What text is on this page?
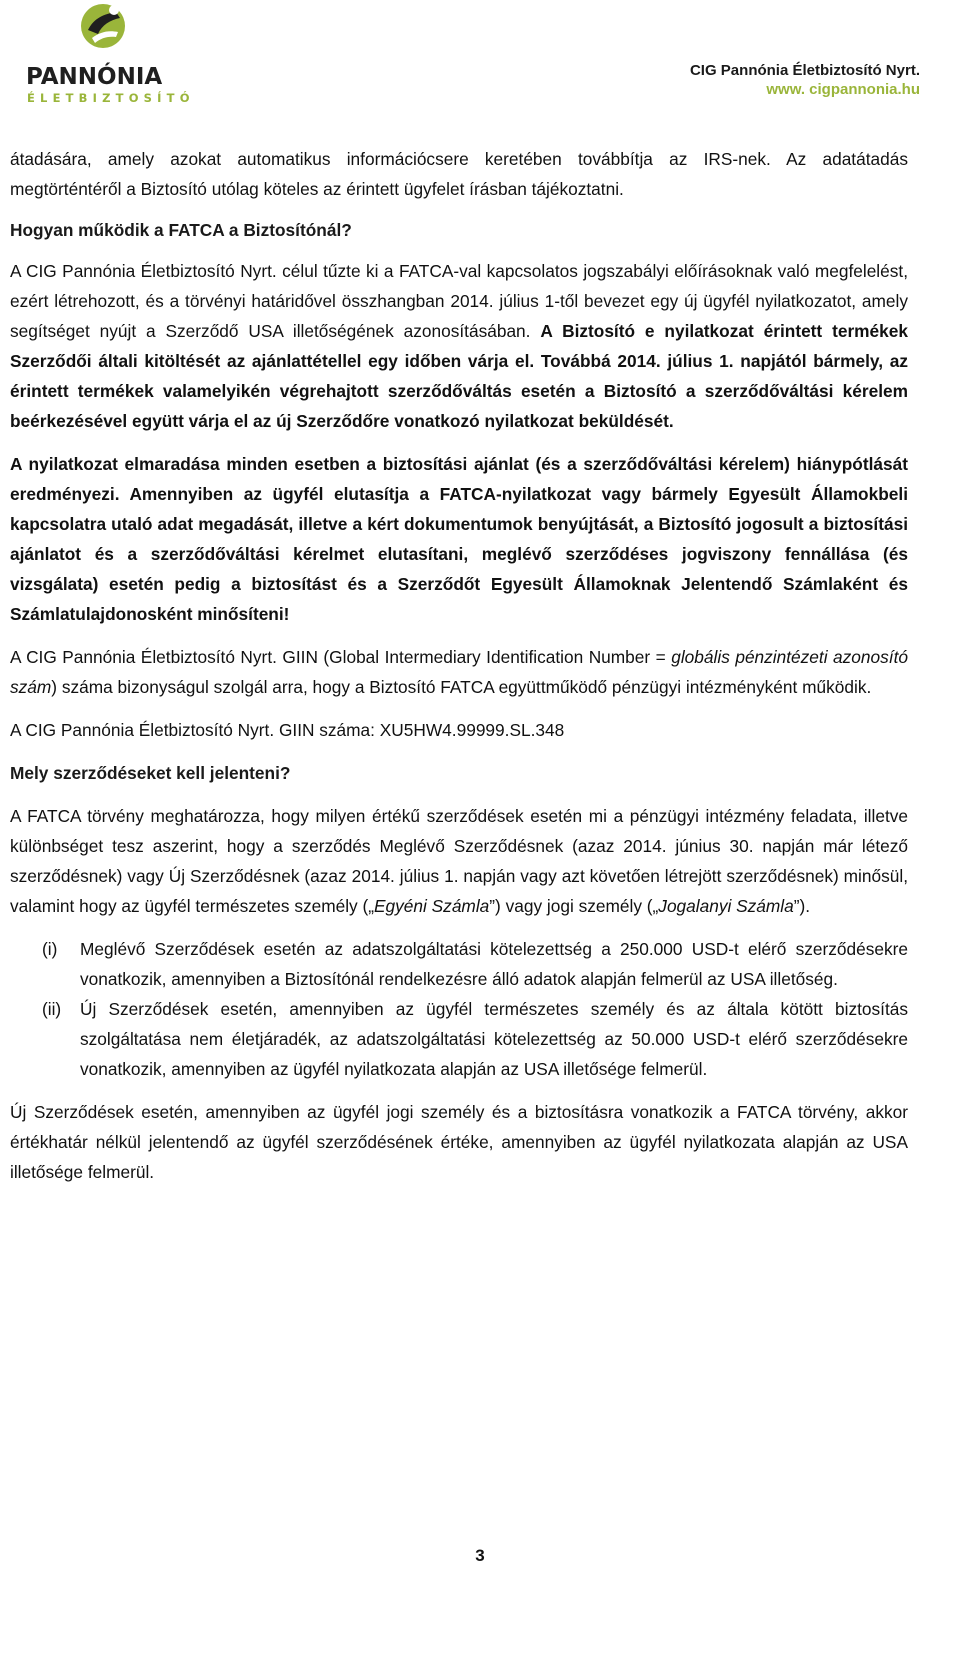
PANNÓNIA
ÉLETBIZTOSÍTÓ
CIG Pannónia Életbiztosító Nyrt.
www. cigpannonia.hu

átadására, amely azokat automatikus információcsere keretében továbbítja az IRS-nek. Az adatátadás megtörténtéről a Biztosító utólag köteles az érintett ügyfelet írásban tájékoztatni.

Hogyan működik a FATCA a Biztosítónál?

A CIG Pannónia Életbiztosító Nyrt. célul tűzte ki a FATCA-val kapcsolatos jogszabályi előírásoknak való megfelelést, ezért létrehozott, és a törvényi határidővel összhangban 2014. július 1-től bevezet egy új ügyfél nyilatkozatot, amely segítséget nyújt a Szerződő USA illetőségének azonosításában. A Biztosító e nyilatkozat érintett termékek Szerződői általi kitöltését az ajánlattétellel egy időben várja el. Továbbá 2014. július 1. napjától bármely, az érintett termékek valamelyikén végrehajtott szerződőváltás esetén a Biztosító a szerződőváltási kérelem beérkezésével együtt várja el az új Szerződőre vonatkozó nyilatkozat beküldését.

A nyilatkozat elmaradása minden esetben a biztosítási ajánlat (és a szerződőváltási kérelem) hiánypótlását eredményezi. Amennyiben az ügyfél elutasítja a FATCA-nyilatkozat vagy bármely Egyesült Államokbeli kapcsolatra utaló adat megadását, illetve a kért dokumentumok benyújtását, a Biztosító jogosult a biztosítási ajánlatot és a szerződőváltási kérelmet elutasítani, meglévő szerződéses jogviszony fennállása (és vizsgálata) esetén pedig a biztosítást és a Szerződőt Egyesült Államoknak Jelentendő Számlaként és Számlatulajdonosként minősíteni!

A CIG Pannónia Életbiztosító Nyrt. GIIN (Global Intermediary Identification Number = globális pénzintézeti azonosító szám) száma bizonyságul szolgál arra, hogy a Biztosító FATCA együttműködő pénzügyi intézményként működik.

A CIG Pannónia Életbiztosító Nyrt. GIIN száma: XU5HW4.99999.SL.348

Mely szerződéseket kell jelenteni?

A FATCA törvény meghatározza, hogy milyen értékű szerződések esetén mi a pénzügyi intézmény feladata, illetve különbséget tesz aszerint, hogy a szerződés Meglévő Szerződésnek (azaz 2014. június 30. napján már létező szerződésnek) vagy Új Szerződésnek (azaz 2014. július 1. napján vagy azt követően létrejött szerződésnek) minősül, valamint hogy az ügyfél természetes személy („Egyéni Számla”) vagy jogi személy („Jogalanyi Számla”).

(i) Meglévő Szerződések esetén az adatszolgáltatási kötelezettség a 250.000 USD-t elérő szerződésekre vonatkozik, amennyiben a Biztosítónál rendelkezésre álló adatok alapján felmerül az USA illetőség.
(ii) Új Szerződések esetén, amennyiben az ügyfél természetes személy és az általa kötött biztosítás szolgáltatása nem életjáradék, az adatszolgáltatási kötelezettség az 50.000 USD-t elérő szerződésekre vonatkozik, amennyiben az ügyfél nyilatkozata alapján az USA illetősége felmerül.

Új Szerződések esetén, amennyiben az ügyfél jogi személy és a biztosításra vonatkozik a FATCA törvény, akkor értékhatár nélkül jelentendő az ügyfél szerződésének értéke, amennyiben az ügyfél nyilatkozata alapján az USA illetősége felmerül.

3
